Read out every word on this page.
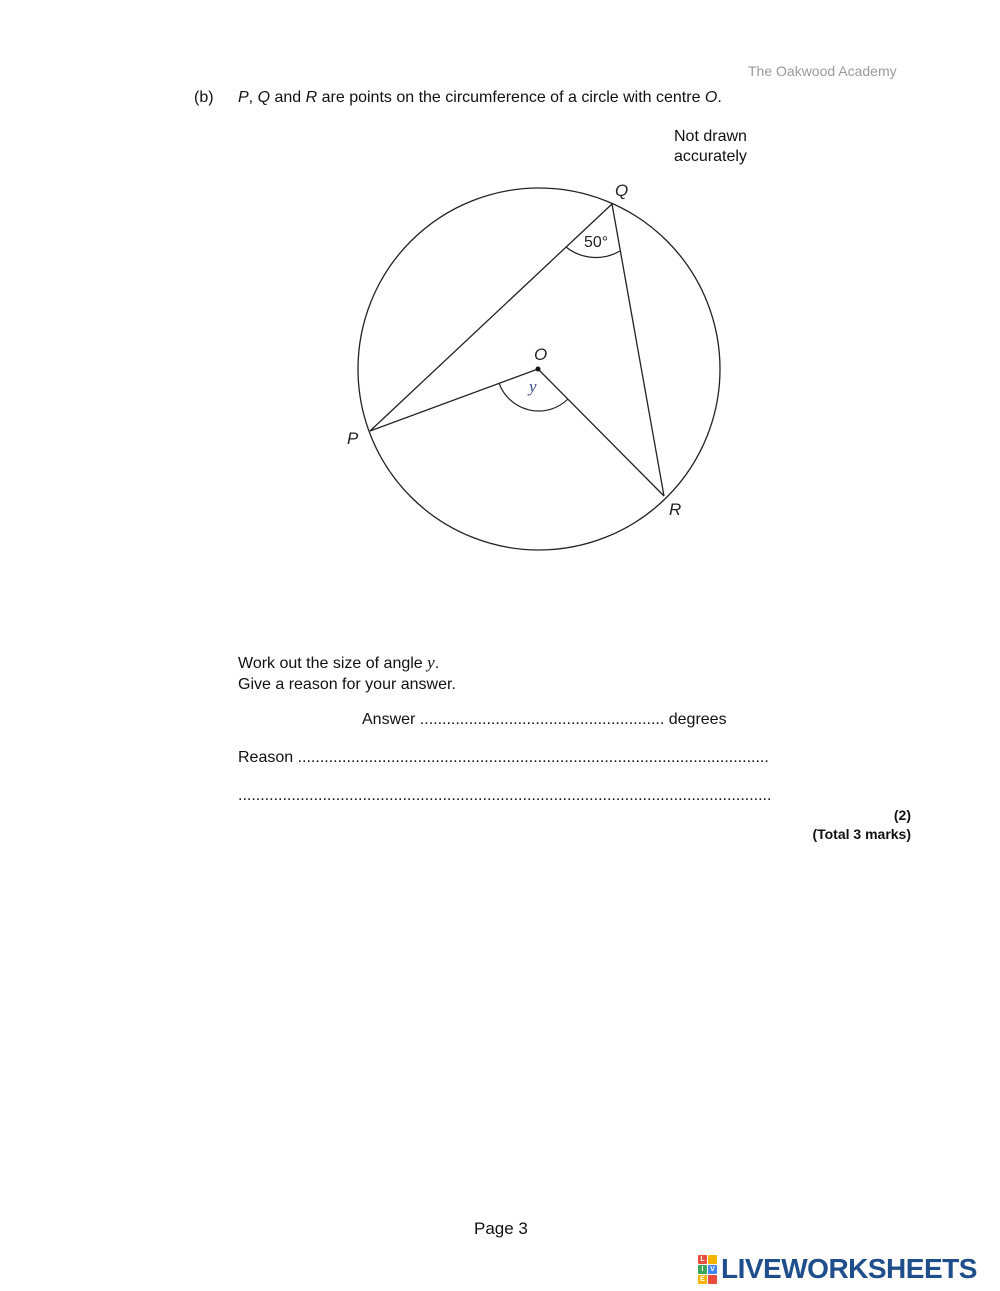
The Oakwood Academy
(b) P, Q and R are points on the circumference of a circle with centre O.
Not drawn
accurately
Q
O
P
R
y
50°
Work out the size of angle y.
Give a reason for your answer.
Answer ....................................................... degrees
Reason ..........................................................................................................
........................................................................................................................
(2)
(Total 3 marks)
Page 3
L
I V
E LIVEWORKSHEETS
